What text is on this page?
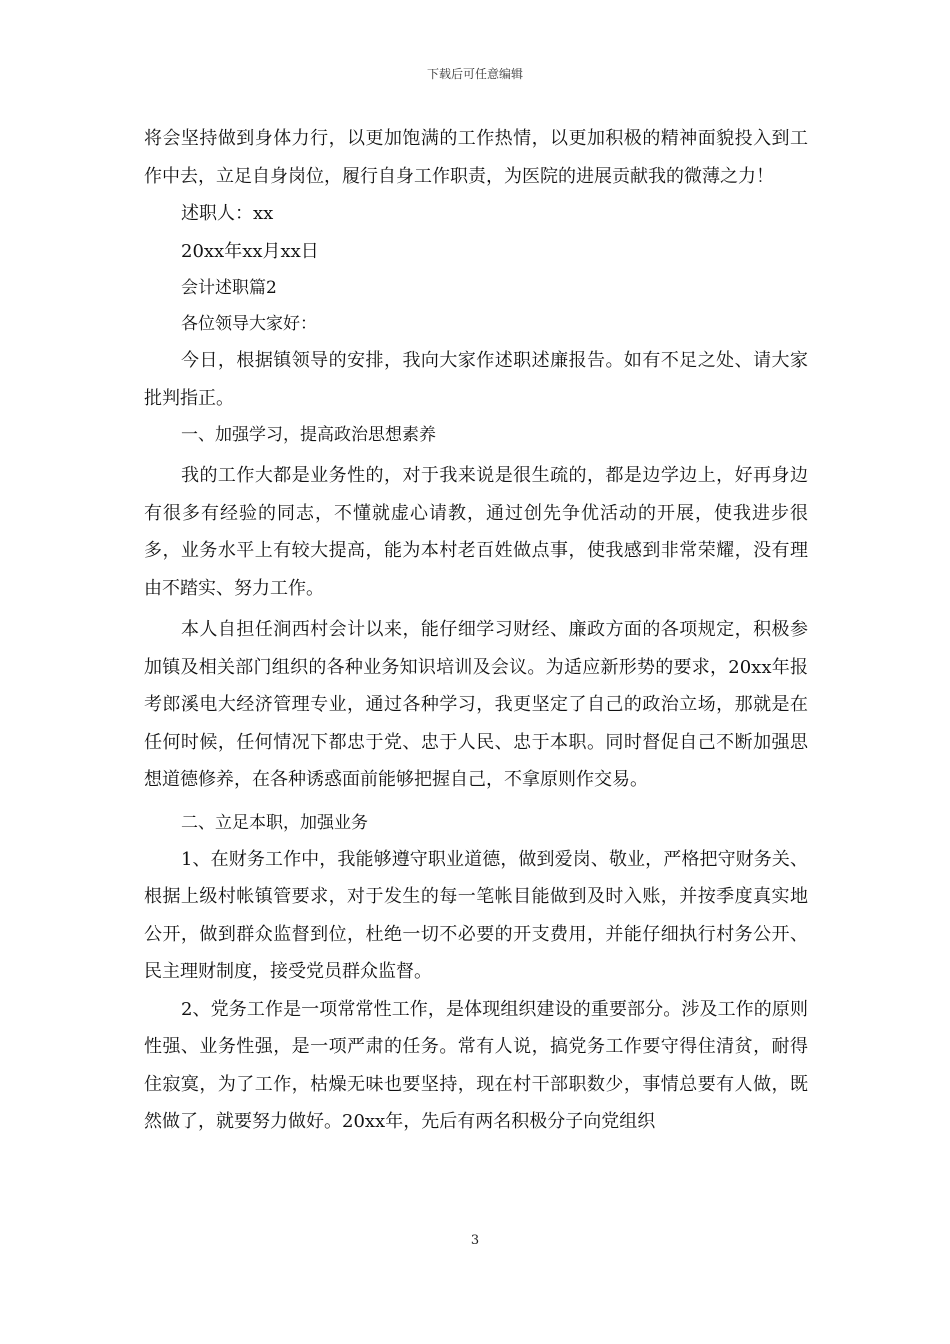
下载后可任意编辑

将会坚持做到身体力行，以更加饱满的工作热情，以更加积极的精神面貌投入到工作中去，立足自身岗位，履行自身工作职责，为医院的进展贡献我的微薄之力！

述职人：xx

20xx年xx月xx日

会计述职篇2

各位领导大家好：

今日，根据镇领导的安排，我向大家作述职述廉报告。如有不足之处、请大家批判指正。

一、加强学习，提高政治思想素养

我的工作大都是业务性的，对于我来说是很生疏的，都是边学边上，好再身边有很多有经验的同志，不懂就虚心请教，通过创先争优活动的开展，使我进步很多，业务水平上有较大提高，能为本村老百姓做点事，使我感到非常荣耀，没有理由不踏实、努力工作。

本人自担任涧西村会计以来，能仔细学习财经、廉政方面的各项规定，积极参加镇及相关部门组织的各种业务知识培训及会议。为适应新形势的要求，20xx年报考郎溪电大经济管理专业，通过各种学习，我更坚定了自己的政治立场，那就是在任何时候，任何情况下都忠于党、忠于人民、忠于本职。同时督促自己不断加强思想道德修养，在各种诱惑面前能够把握自己，不拿原则作交易。

二、立足本职，加强业务

1、在财务工作中，我能够遵守职业道德，做到爱岗、敬业，严格把守财务关、根据上级村帐镇管要求，对于发生的每一笔帐目能做到及时入账，并按季度真实地公开，做到群众监督到位，杜绝一切不必要的开支费用，并能仔细执行村务公开、民主理财制度，接受党员群众监督。

2、党务工作是一项常常性工作，是体现组织建设的重要部分。涉及工作的原则性强、业务性强，是一项严肃的任务。常有人说，搞党务工作要守得住清贫，耐得住寂寞，为了工作，枯燥无味也要坚持，现在村干部职数少，事情总要有人做，既然做了，就要努力做好。20xx年，先后有两名积极分子向党组织

3
